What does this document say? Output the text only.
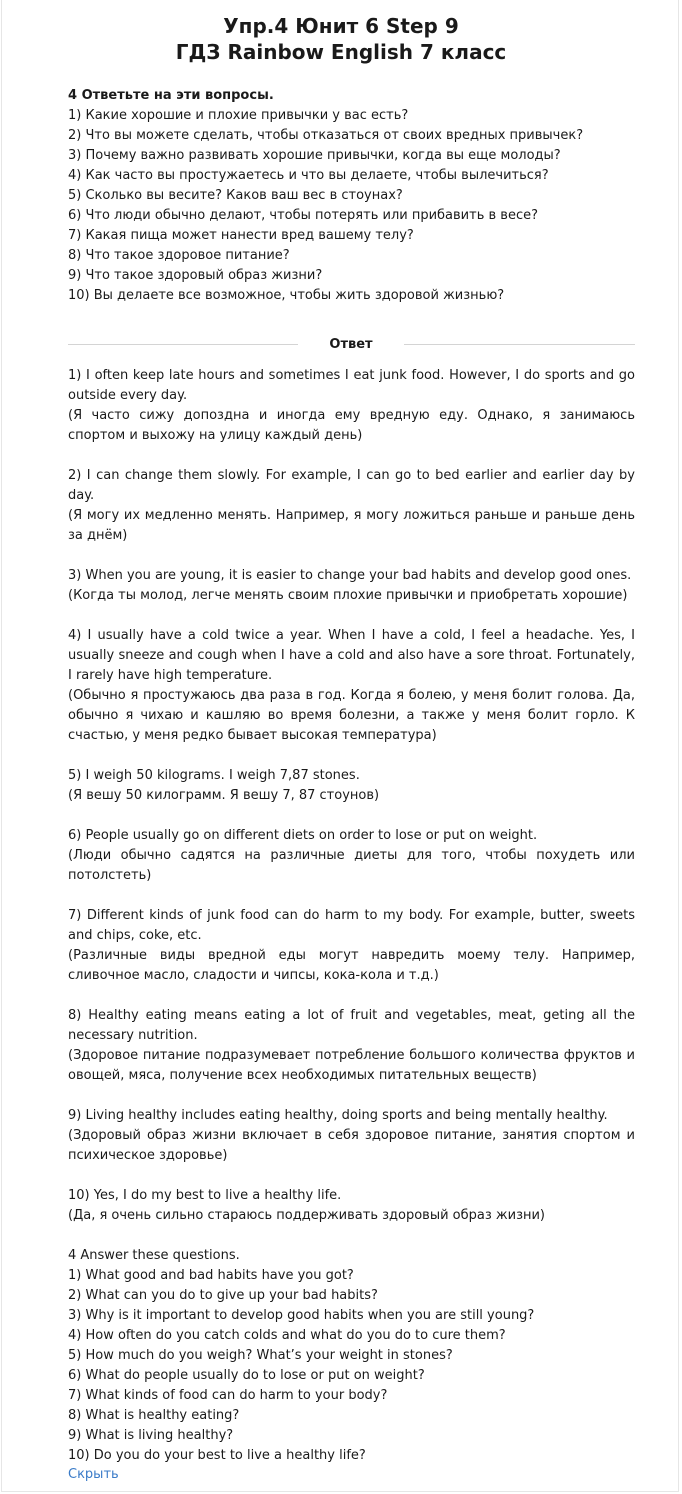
Упр.4 Юнит 6 Step 9
ГДЗ Rainbow English 7 класс

4 Ответьте на эти вопросы.

1) Какие хорошие и плохие привычки у вас есть?

2) Что вы можете сделать, чтобы отказаться от своих вредных привычек?

3) Почему важно развивать хорошие привычки, когда вы еще молоды?

4) Как часто вы простужаетесь и что вы делаете, чтобы вылечиться?

5) Сколько вы весите? Каков ваш вес в стоунах?

6) Что люди обычно делают, чтобы потерять или прибавить в весе?

7) Какая пища может нанести вред вашему телу?

8) Что такое здоровое питание?

9) Что такое здоровый образ жизни?

10) Вы делаете все возможное, чтобы жить здоровой жизнью?

Ответ

1) I often keep late hours and sometimes I eat junk food. However, I do sports and go outside every day.

(Я часто сижу допоздна и иногда ему вредную еду. Однако, я занимаюсь спортом и выхожу на улицу каждый день)

2) I can change them slowly. For example, I can go to bed earlier and earlier day by day.

(Я могу их медленно менять. Например, я могу ложиться раньше и раньше день за днём)

3) When you are young, it is easier to change your bad habits and develop good ones.

(Когда ты молод, легче менять своим плохие привычки и приобретать хорошие)

4) I usually have a cold twice a year. When I have a cold, I feel a headache. Yes, I usually sneeze and cough when I have a cold and also have a sore throat. Fortunately, I rarely have high temperature.

(Обычно я простужаюсь два раза в год. Когда я болею, у меня болит голова. Да, обычно я чихаю и кашляю во время болезни, а также у меня болит горло. К счастью, у меня редко бывает высокая температура)

5) I weigh 50 kilograms. I weigh 7,87 stones.

(Я вешу 50 килограмм. Я вешу 7, 87 стоунов)

6) People usually go on different diets on order to lose or put on weight.

(Люди обычно садятся на различные диеты для того, чтобы похудеть или потолстеть)

7) Different kinds of junk food can do harm to my body. For example, butter, sweets and chips, coke, etc.

(Различные виды вредной еды могут навредить моему телу. Например, сливочное масло, сладости и чипсы, кока-кола и т.д.)

8) Healthy eating means eating a lot of fruit and vegetables, meat, geting all the necessary nutrition.

(Здоровое питание подразумевает потребление большого количества фруктов и овощей, мяса, получение всех необходимых питательных веществ)

9) Living healthy includes eating healthy, doing sports and being mentally healthy.

(Здоровый образ жизни включает в себя здоровое питание, занятия спортом и психическое здоровье)

10) Yes, I do my best to live a healthy life.

(Да, я очень сильно стараюсь поддерживать здоровый образ жизни)

4 Answer these questions.

1) What good and bad habits have you got?

2) What can you do to give up your bad habits?

3) Why is it important to develop good habits when you are still young?

4) How often do you catch colds and what do you do to cure them?

5) How much do you weigh? What’s your weight in stones?

6) What do people usually do to lose or put on weight?

7) What kinds of food can do harm to your body?

8) What is healthy eating?

9) What is living healthy?

10) Do you do your best to live a healthy life?

Скрыть
